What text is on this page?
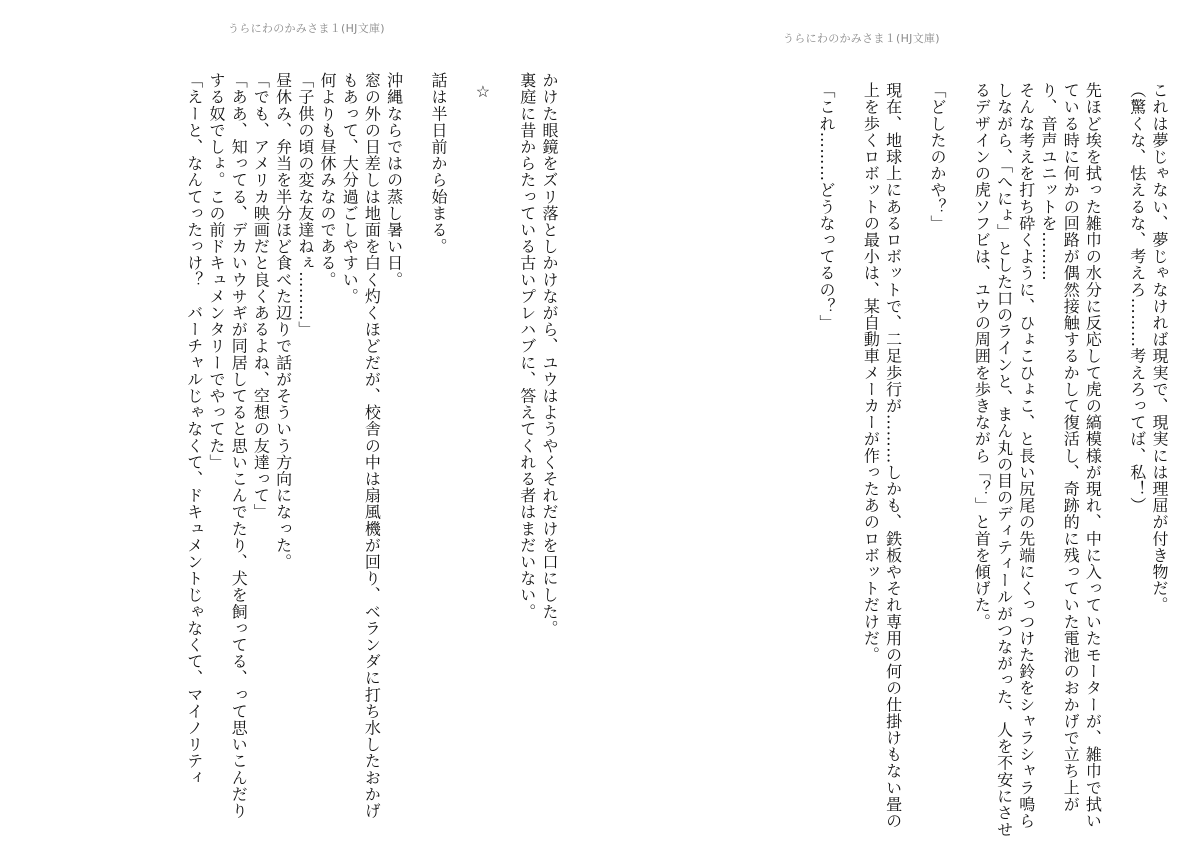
うらにわのかみさま１(HJ文庫)

かけた眼鏡をズリ落としかけながら、ユウはようやくそれだけを口にした。

裏庭に昔からたっている古いプレハブに、答えてくれる者はまだいない。

☆

話は半日前から始まる。

沖縄ならではの蒸し暑い日。

窓の外の日差しは地面を白く灼くほどだが、校舎の中は扇風機が回り、ベランダに打ち水したおかげもあって、大分過ごしやすい。

何よりも昼休みなのである。

「子供の頃の変な友達ねぇ………」

昼休み、弁当を半分ほど食べた辺りで話がそういう方向になった。

「でも、アメリカ映画だと良くあるよね、空想の友達って」

「ああ、知ってる、デカいウサギが同居してると思いこんでたり、犬を飼ってる、って思いこんだりする奴でしょ。この前ドキュメンタリーでやってた」

「えーと、なんてったっけ？　バーチャルじゃなくて、ドキュメントじゃなくて、マイノリティ

うらにわのかみさま１(HJ文庫)

これは夢じゃない、夢じゃなければ現実で、現実には理屈が付き物だ。

（驚くな、怯えるな、考えろ………考えろってば、私！）

先ほど埃を拭った雑巾の水分に反応して虎の縞模様が現れ、中に入っていたモーターが、雑巾で拭いている時に何かの回路が偶然接触するかして復活し、奇跡的に残っていた電池のおかげで立ち上がり、音声ユニットを………

そんな考えを打ち砕くように、ひょこひょこ、と長い尻尾の先端にくっつけた鈴をシャラシャラ鳴らしながら、「へにょ」とした口のラインと、まん丸の目のディティールがつながった、人を不安にさせるデザインの虎ソフビは、ユウの周囲を歩きながら「？」と首を傾げた。

「どしたのかや？」

現在、地球上にあるロボットで、二足歩行が………しかも、鉄板やそれ専用の何の仕掛けもない畳の上を歩くロボットの最小は、某自動車メーカーが作ったあのロボットだけだ。

「これ………どうなってるの？」
